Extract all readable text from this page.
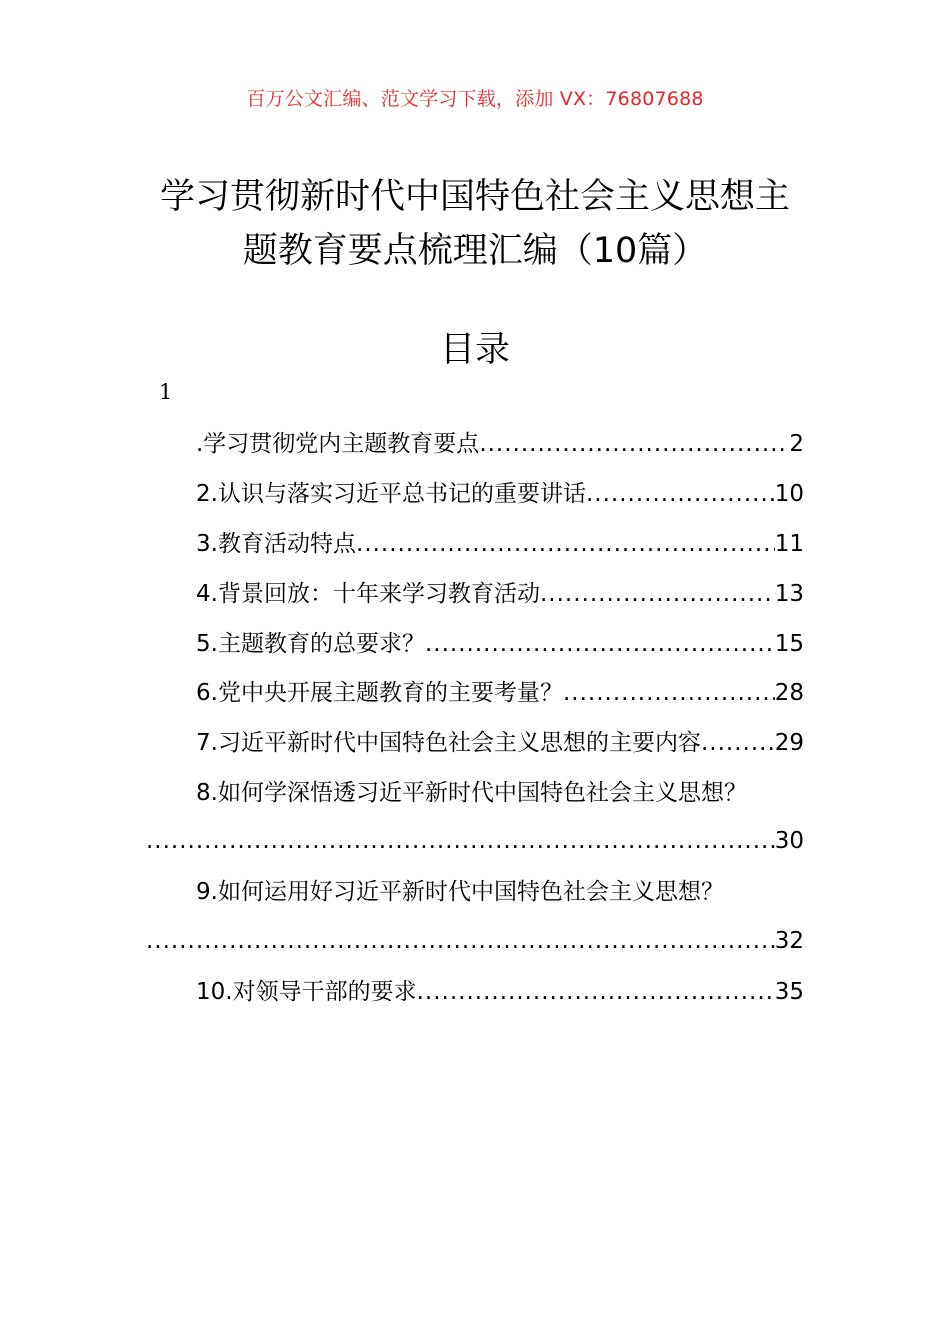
百万公文汇编、范文学习下载，添加 VX：76807688
学习贯彻新时代中国特色社会主义思想主
题教育要点梳理汇编（10篇）
目录
1
.学习贯彻党内主题教育要点 .....	2
2.认识与落实习近平总书记的重要讲话 .....	10
3.教育活动特点 .....	11
4.背景回放：十年来学习教育活动 .....	13
5.主题教育的总要求？ .....	15
6.党中央开展主题教育的主要考量？ .....	28
7.习近平新时代中国特色社会主义思想的主要内容 .....	29
8.如何学深悟透习近平新时代中国特色社会主义思想？
.....
30
9.如何运用好习近平新时代中国特色社会主义思想？
.....
32
10.对领导干部的要求 .....	35
